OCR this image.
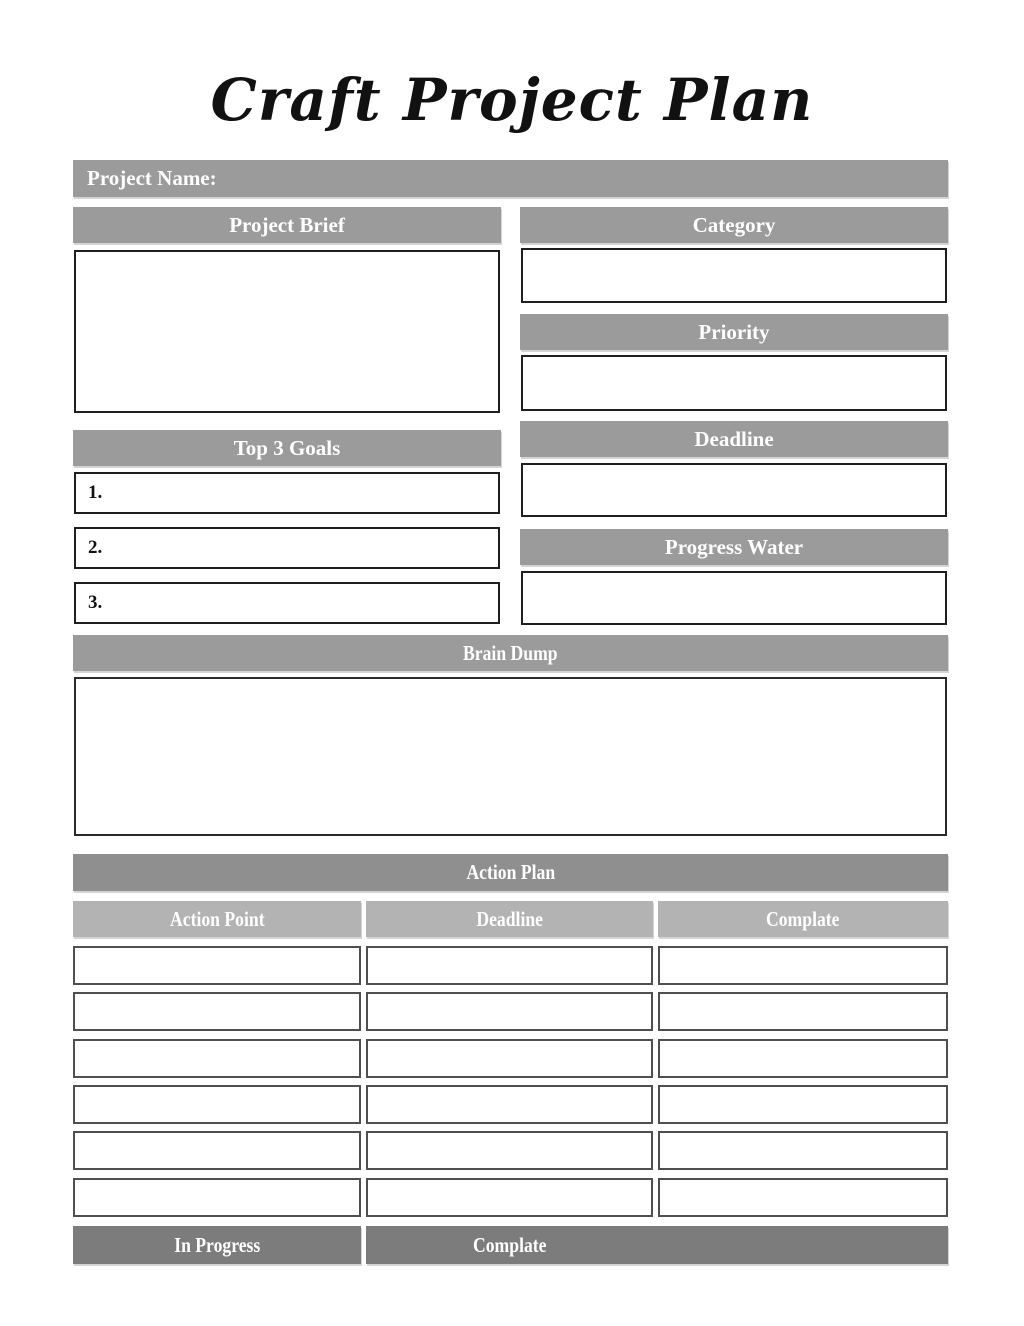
Craft Project Plan
Project Name:
Project Brief
Top 3 Goals
1.
2.
3.
Category
Priority
Deadline
Progress Water
Brain Dump
Action Plan
Action Point	Deadline	Complate
In Progress	Complate
